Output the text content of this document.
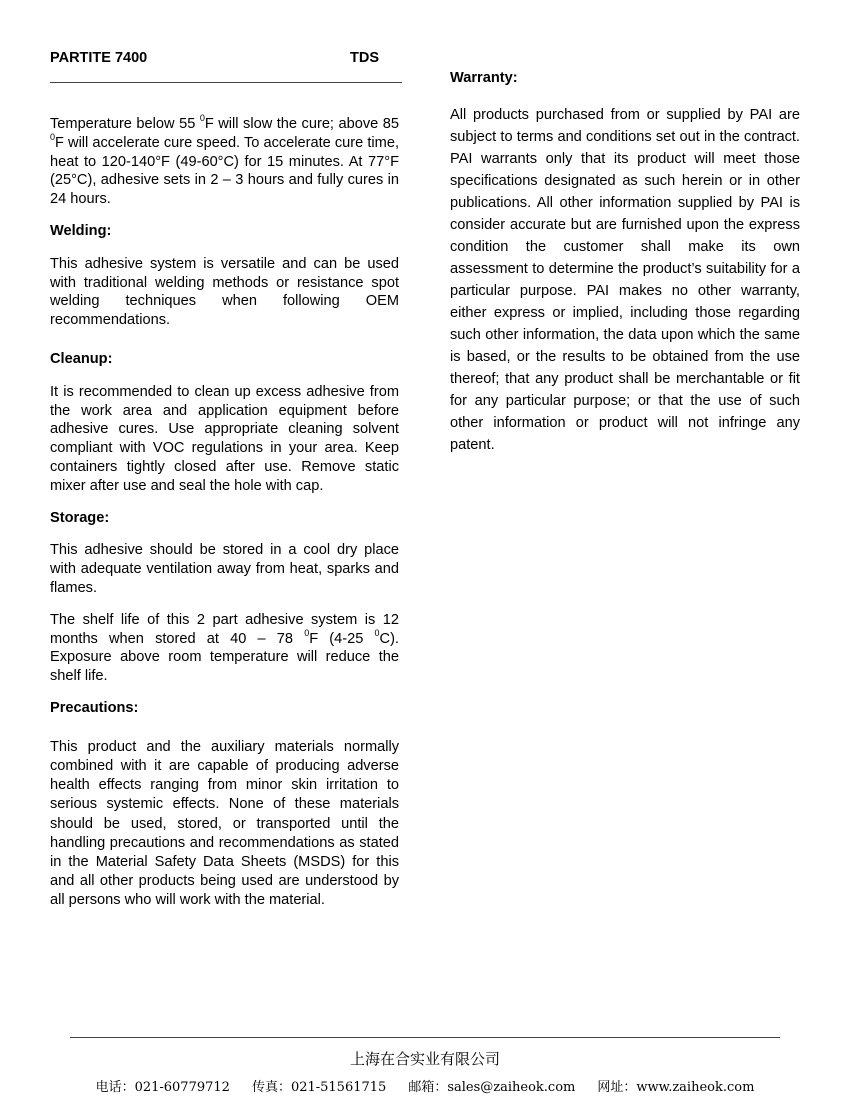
PARTITE 7400	TDS

Temperature below 55 $^0$F will slow the cure; above 85 $^0$F will accelerate cure speed. To accelerate cure time, heat to 120-140°F (49-60°C) for 15 minutes. At 77°F (25°C), adhesive sets in 2 – 3 hours and fully cures in 24 hours.

Welding:

This adhesive system is versatile and can be used with traditional welding methods or resistance spot welding techniques when following OEM recommendations.

Cleanup:

It is recommended to clean up excess adhesive from the work area and application equipment before adhesive cures. Use appropriate cleaning solvent compliant with VOC regulations in your area. Keep containers tightly closed after use. Remove static mixer after use and seal the hole with cap.

Storage:

This adhesive should be stored in a cool dry place with adequate ventilation away from heat, sparks and flames.

The shelf life of this 2 part adhesive system is 12 months when stored at 40 – 78 $^0$F (4-25 $^0$C). Exposure above room temperature will reduce the shelf life.

Precautions:

This product and the auxiliary materials normally combined with it are capable of producing adverse health effects ranging from minor skin irritation to serious systemic effects. None of these materials should be used, stored, or transported until the handling precautions and recommendations as stated in the Material Safety Data Sheets (MSDS) for this and all other products being used are understood by all persons who will work with the material.

Warranty:

All products purchased from or supplied by PAI are subject to terms and conditions set out in the contract. PAI warrants only that its product will meet those specifications designated as such herein or in other publications. All other information supplied by PAI is consider accurate but are furnished upon the express condition the customer shall make its own assessment to determine the product’s suitability for a particular purpose. PAI makes no other warranty, either express or implied, including those regarding such other information, the data upon which the same is based, or the results to be obtained from the use thereof; that any product shall be merchantable or fit for any particular purpose; or that the use of such other information or product will not infringe any patent.

上海在合实业有限公司
电话：021-60779712 传真：021-51561715 邮箱：sales@zaiheok.com 网址：www.zaiheok.com
